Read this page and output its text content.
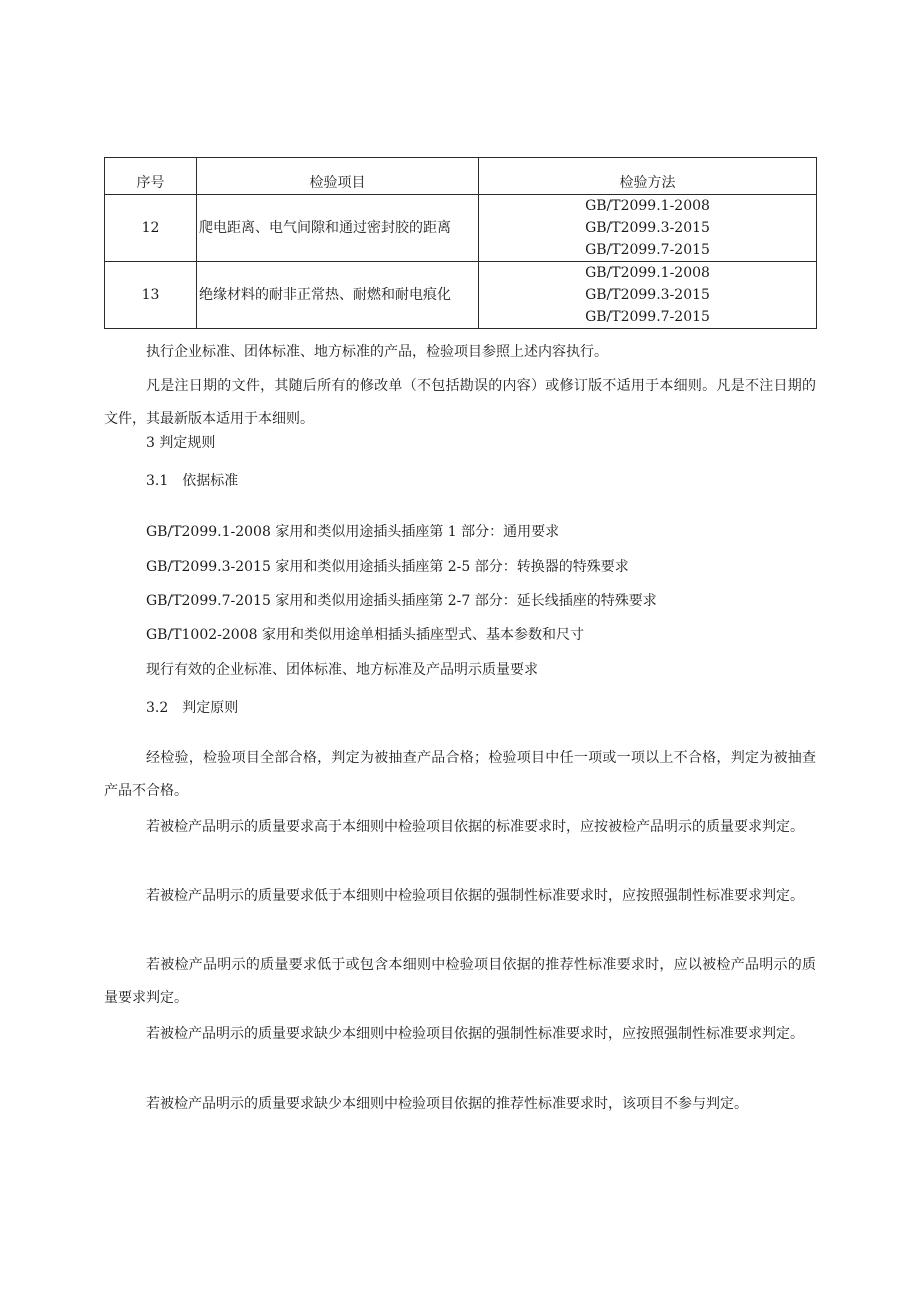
序号	检验项目	检验方法
12	爬电距离、电气间隙和通过密封胶的距离	GB/T2099.1-2008
GB/T2099.3-2015
GB/T2099.7-2015

13	绝缘材料的耐非正常热、耐燃和耐电痕化	GB/T2099.1-2008
GB/T2099.3-2015
GB/T2099.7-2015

执行企业标准、团体标准、地方标准的产品，检验项目参照上述内容执行。

凡是注日期的文件，其随后所有的修改单（不包括勘误的内容）或修订版不适用于本细则。凡是不注日期的文件，其最新版本适用于本细则。

3 判定规则

3.1　依据标准

GB/T2099.1-2008 家用和类似用途插头插座第 1 部分：通用要求

GB/T2099.3-2015 家用和类似用途插头插座第 2-5 部分：转换器的特殊要求

GB/T2099.7-2015 家用和类似用途插头插座第 2-7 部分：延长线插座的特殊要求

GB/T1002-2008 家用和类似用途单相插头插座型式、基本参数和尺寸

现行有效的企业标准、团体标准、地方标准及产品明示质量要求

3.2　判定原则

经检验，检验项目全部合格，判定为被抽查产品合格；检验项目中任一项或一项以上不合格，判定为被抽查产品不合格。

若被检产品明示的质量要求高于本细则中检验项目依据的标准要求时，应按被检产品明示的质量要求判定。

若被检产品明示的质量要求低于本细则中检验项目依据的强制性标准要求时，应按照强制性标准要求判定。

若被检产品明示的质量要求低于或包含本细则中检验项目依据的推荐性标准要求时，应以被检产品明示的质量要求判定。

若被检产品明示的质量要求缺少本细则中检验项目依据的强制性标准要求时，应按照强制性标准要求判定。

若被检产品明示的质量要求缺少本细则中检验项目依据的推荐性标准要求时，该项目不参与判定。
